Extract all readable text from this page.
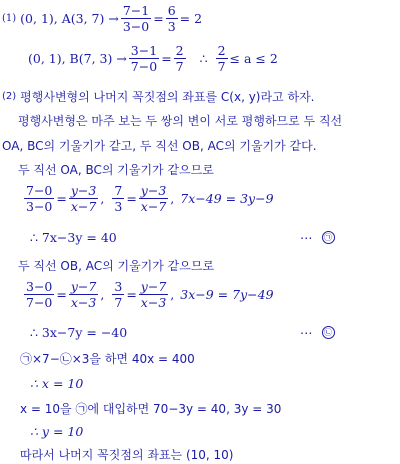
(1) (0, 1), A(3, $7) \to \frac{7-1}{3-0} = \frac{6}{3} = 2$
(0, 1), B(7, $3) \to \frac{3-1}{7-0} = \frac{2}{7}$ ∴ $\frac{2}{7} \le a \le 2$
(2) 평행사변형의 나머지 꼭짓점의 좌표를 C(x, y)라고 하자.
평행사변형은 마주 보는 두 쌍의 변이 서로 평행하므로 두 직선
OA, BC의 기울기가 같고, 두 직선 OB, AC의 기울기가 같다.
두 직선 OA, BC의 기울기가 같으므로
$\frac{7-0}{3-0} = \frac{y-3}{x-7}$ , $\frac{7}{3} = \frac{y-3}{x-7}$ , 7x−49 = 3y−9
∴ 7x−3y = 40	⋯	㉠
두 직선 OB, AC의 기울기가 같으므로
$\frac{3-0}{7-0} = \frac{y-7}{x-3}$ , $\frac{3}{7} = \frac{y-7}{x-3}$ , 3x−9 = 7y−49
∴ 3x−7y = −40	⋯	㉡
㉠×7−㉡×3을 하면 40x = 400
∴ x = 10
x = 10을 ㉠에 대입하면 70−3y = 40, 3y = 30
∴ y = 10
따라서 나머지 꼭짓점의 좌표는 (10, 10)
